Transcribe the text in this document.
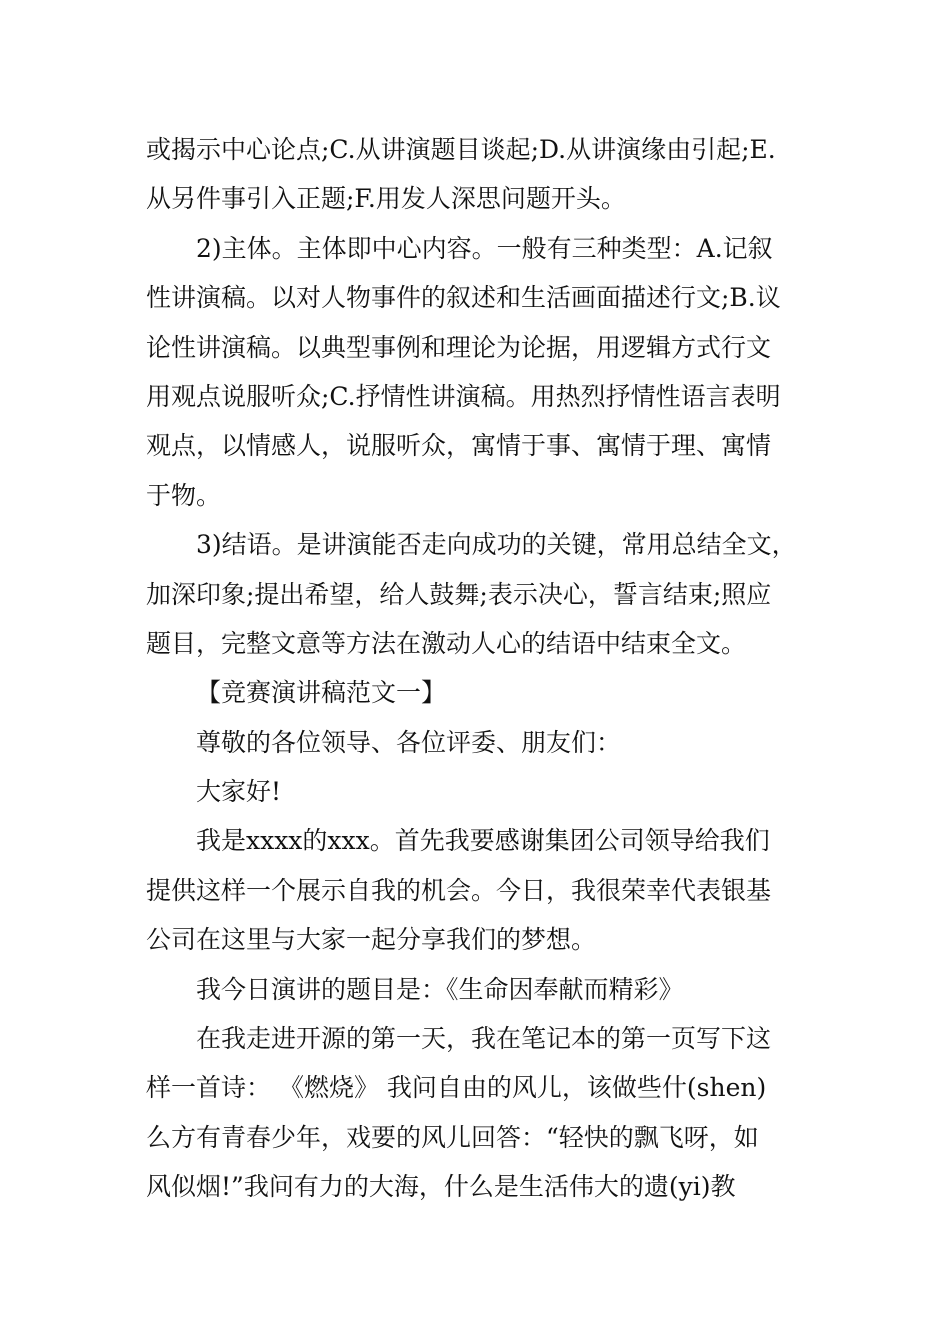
或揭示中心论点;C.从讲演题目谈起;D.从讲演缘由引起;E.
从另件事引入正题;F.用发人深思问题开头。
2)主体。主体即中心内容。一般有三种类型：A.记叙
性讲演稿。以对人物事件的叙述和生活画面描述行文;B.议
论性讲演稿。以典型事例和理论为论据，用逻辑方式行文
用观点说服听众;C.抒情性讲演稿。用热烈抒情性语言表明
观点，以情感人，说服听众，寓情于事、寓情于理、寓情
于物。
3)结语。是讲演能否走向成功的关键，常用总结全文，
加深印象;提出希望，给人鼓舞;表示决心，誓言结束;照应
题目，完整文意等方法在激动人心的结语中结束全文。
【竞赛演讲稿范文一】
尊敬的各位领导、各位评委、朋友们：
大家好!
我是xxxx的xxx。首先我要感谢集团公司领导给我们
提供这样一个展示自我的机会。今日，我很荣幸代表银基
公司在这里与大家一起分享我们的梦想。
我今日演讲的题目是：《生命因奉献而精彩》
在我走进开源的第一天，我在笔记本的第一页写下这
样一首诗： 《燃烧》 我问自由的风儿，该做些什(shen)
么方有青春少年，戏要的风儿回答：“轻快的飘飞呀，如
风似烟!”我问有力的大海，什么是生活伟大的遗(yi)教
